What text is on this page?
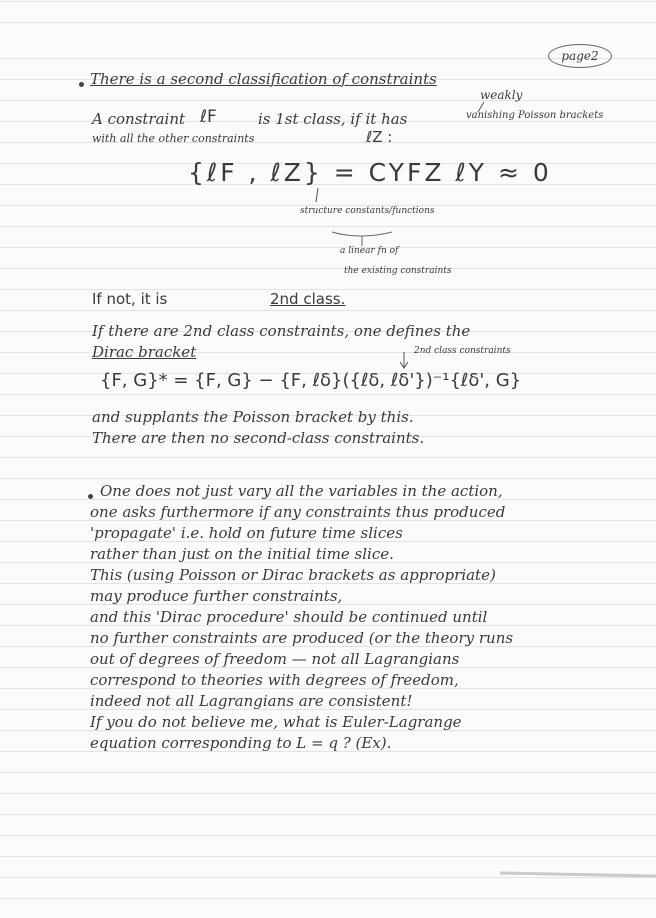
page2
There is a second classification of constraints
A constraint ℓF	is 1st class, if it has
weakly
vanishing Poisson brackets
with all the other constraints	ℓZ :
{ℓF , ℓZ} = CYFZ ℓY ≈ 0
structure constants/functions
a linear fn of
the existing constraints
If not, it is	2nd class.
If there are 2nd class constraints, one defines the
Dirac bracket	2nd class constraints
{F, G}* = {F, G} − {F, ℓδ}({ℓδ, ℓδ'})⁻¹{ℓδ', G}
and supplants the Poisson bracket by this.
There are then no second-class constraints.
One does not just vary all the variables in the action,
one asks furthermore if any constraints thus produced
'propagate' i.e. hold on future time slices
rather than just on the initial time slice.
This (using Poisson or Dirac brackets as appropriate)
may produce further constraints,
and this 'Dirac procedure' should be continued until
no further constraints are produced (or the theory runs
out of degrees of freedom — not all Lagrangians
correspond to theories with degrees of freedom,
indeed not all Lagrangians are consistent!
If you do not believe me, what is Euler-Lagrange
equation corresponding to L = q ? (Ex).
